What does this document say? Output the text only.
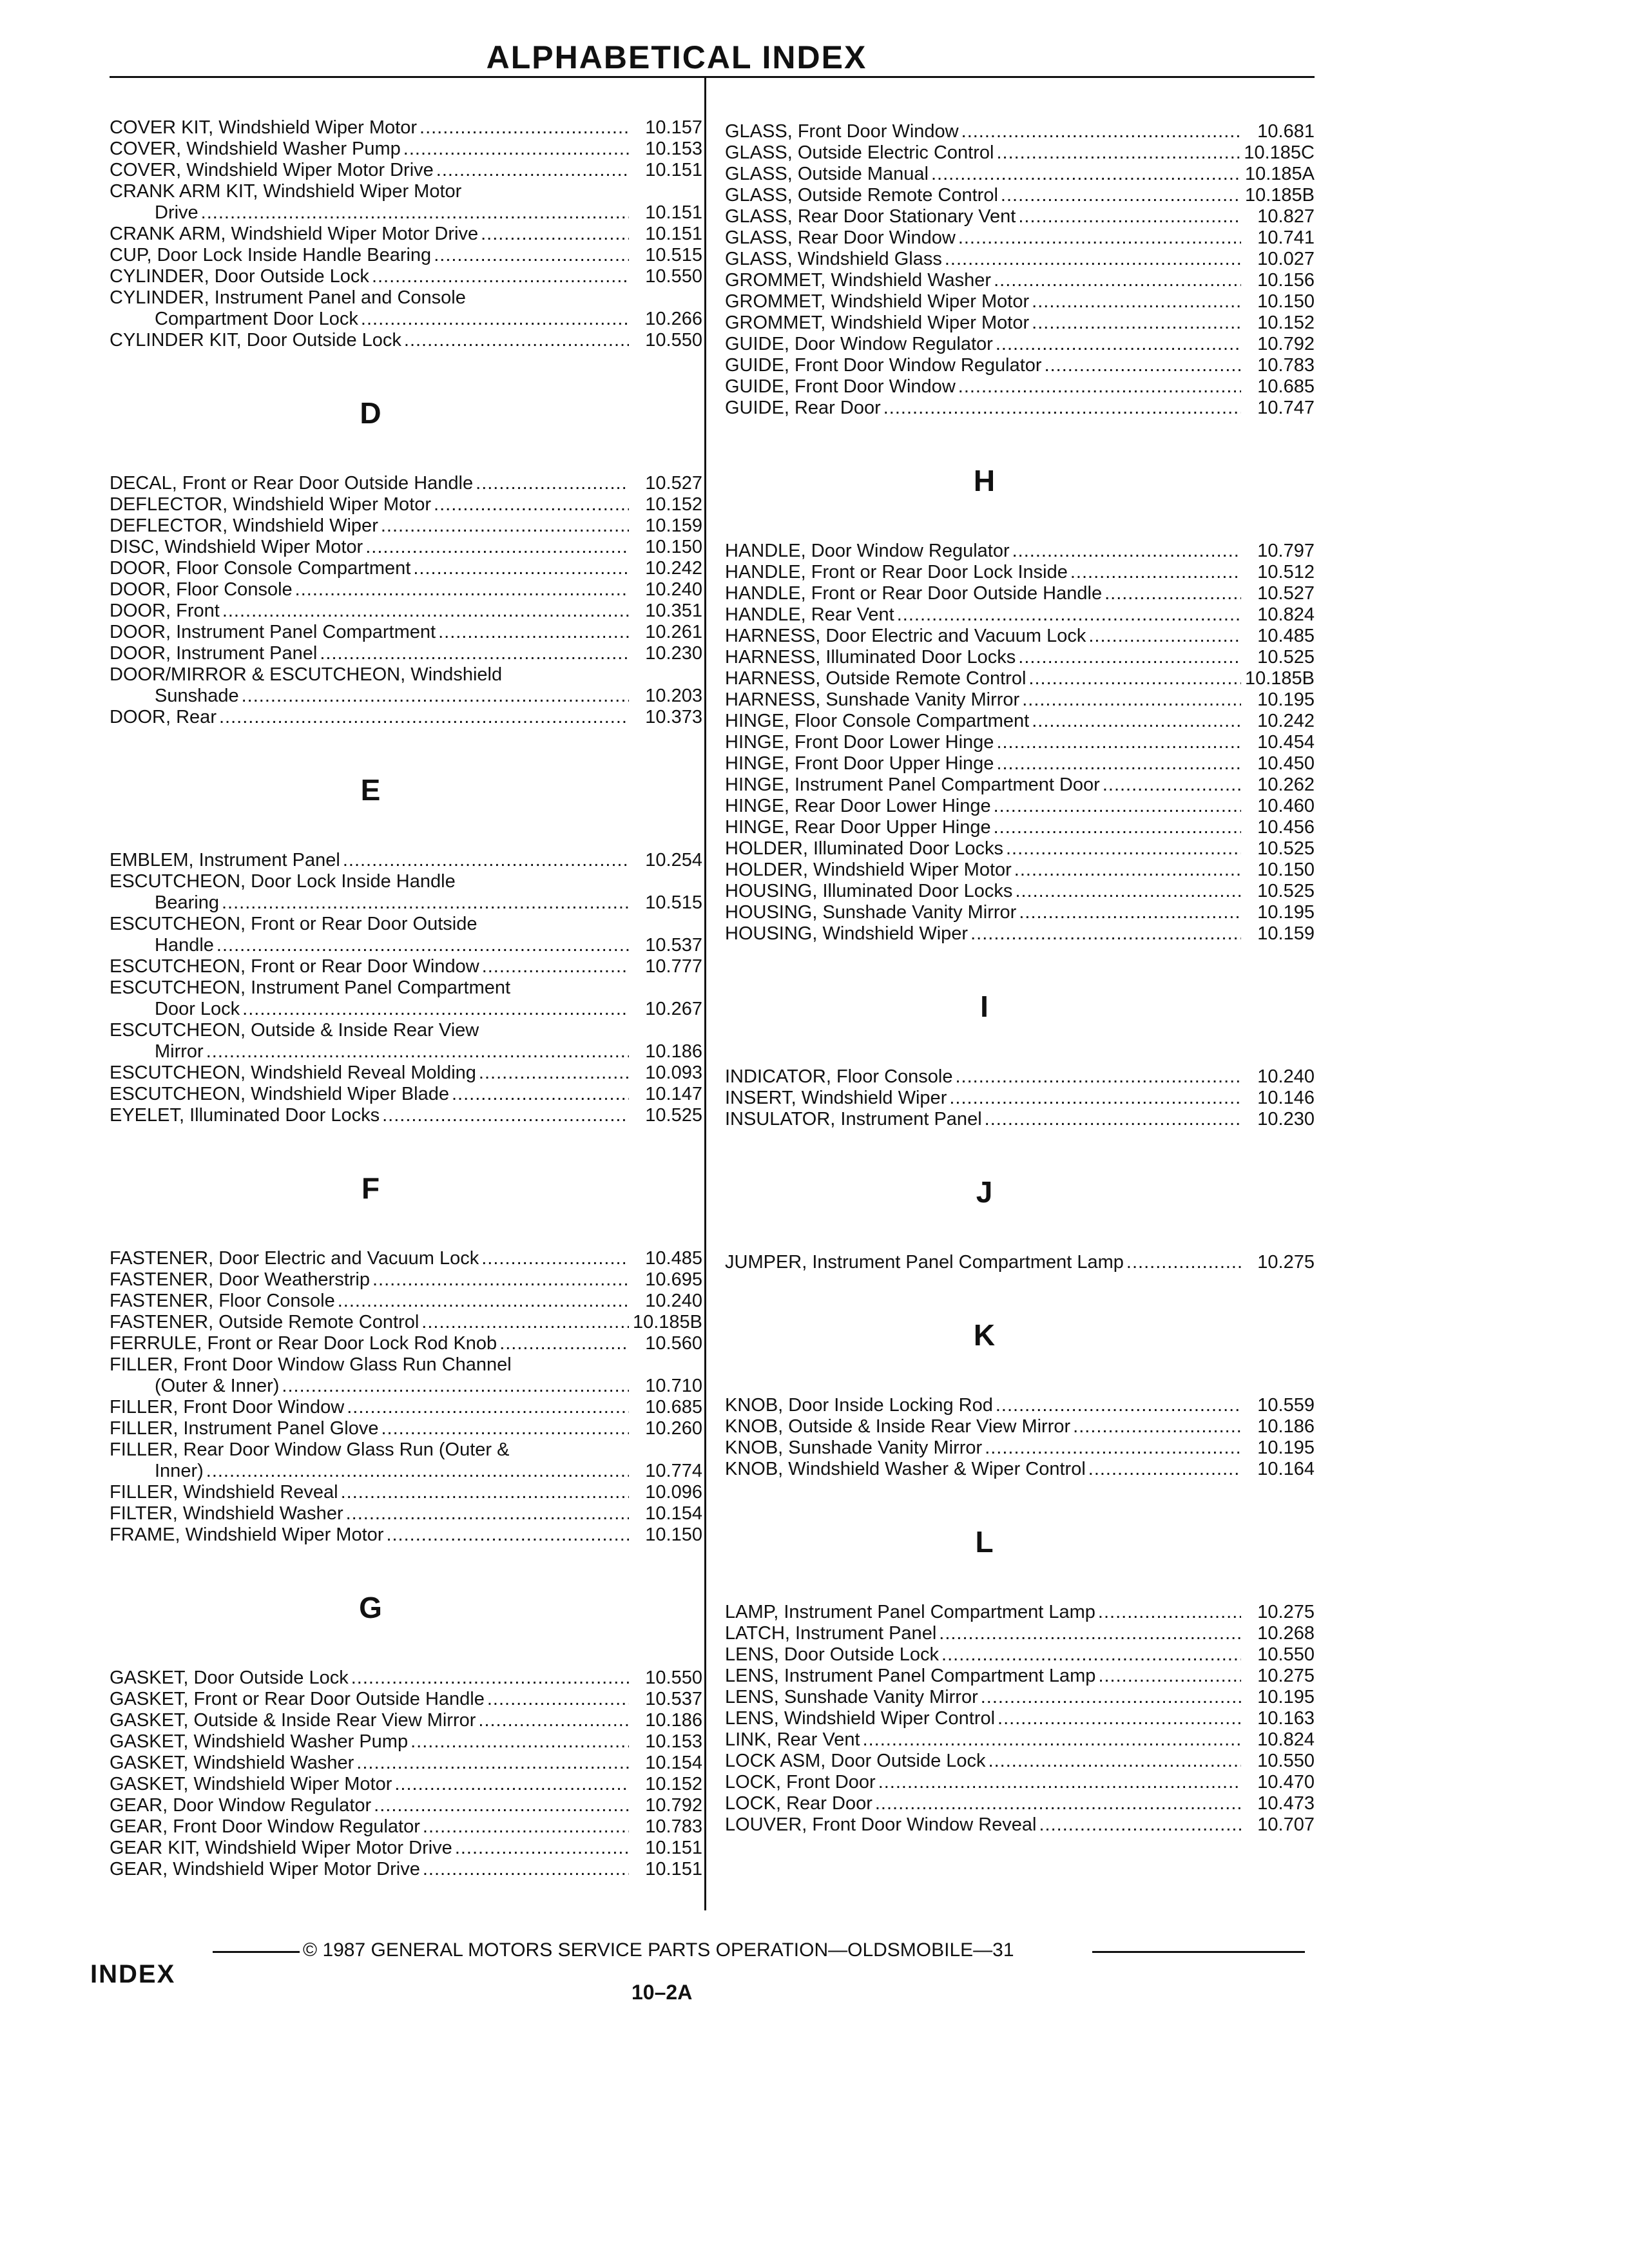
ALPHABETICAL INDEX
COVER KIT, Windshield Wiper Motor .....	10.157
COVER, Windshield Washer Pump .....	10.153
COVER, Windshield Wiper Motor Drive .....	10.151
CRANK ARM KIT, Windshield Wiper Motor
Drive .....	10.151
CRANK ARM, Windshield Wiper Motor Drive .....	10.151
CUP, Door Lock Inside Handle Bearing .....	10.515
CYLINDER, Door Outside Lock .....	10.550
CYLINDER, Instrument Panel and Console
Compartment Door Lock .....	10.266
CYLINDER KIT, Door Outside Lock .....	10.550
D
DECAL, Front or Rear Door Outside Handle .....	10.527
DEFLECTOR, Windshield Wiper Motor .....	10.152
DEFLECTOR, Windshield Wiper .....	10.159
DISC, Windshield Wiper Motor .....	10.150
DOOR, Floor Console Compartment .....	10.242
DOOR, Floor Console .....	10.240
DOOR, Front .....	10.351
DOOR, Instrument Panel Compartment .....	10.261
DOOR, Instrument Panel .....	10.230
DOOR/MIRROR & ESCUTCHEON, Windshield
Sunshade .....	10.203
DOOR, Rear .....	10.373
E
EMBLEM, Instrument Panel .....	10.254
ESCUTCHEON, Door Lock Inside Handle
Bearing .....	10.515
ESCUTCHEON, Front or Rear Door Outside
Handle .....	10.537
ESCUTCHEON, Front or Rear Door Window .....	10.777
ESCUTCHEON, Instrument Panel Compartment
Door Lock .....	10.267
ESCUTCHEON, Outside & Inside Rear View
Mirror .....	10.186
ESCUTCHEON, Windshield Reveal Molding .....	10.093
ESCUTCHEON, Windshield Wiper Blade .....	10.147
EYELET, Illuminated Door Locks .....	10.525
F
FASTENER, Door Electric and Vacuum Lock .....	10.485
FASTENER, Door Weatherstrip .....	10.695
FASTENER, Floor Console .....	10.240
FASTENER, Outside Remote Control .....	10.185B
FERRULE, Front or Rear Door Lock Rod Knob .....	10.560
FILLER, Front Door Window Glass Run Channel
(Outer & Inner) .....	10.710
FILLER, Front Door Window .....	10.685
FILLER, Instrument Panel Glove .....	10.260
FILLER, Rear Door Window Glass Run (Outer &
Inner) .....	10.774
FILLER, Windshield Reveal .....	10.096
FILTER, Windshield Washer .....	10.154
FRAME, Windshield Wiper Motor .....	10.150
G
GASKET, Door Outside Lock .....	10.550
GASKET, Front or Rear Door Outside Handle .....	10.537
GASKET, Outside & Inside Rear View Mirror .....	10.186
GASKET, Windshield Washer Pump .....	10.153
GASKET, Windshield Washer .....	10.154
GASKET, Windshield Wiper Motor .....	10.152
GEAR, Door Window Regulator .....	10.792
GEAR, Front Door Window Regulator .....	10.783
GEAR KIT, Windshield Wiper Motor Drive .....	10.151
GEAR, Windshield Wiper Motor Drive .....	10.151
GLASS, Front Door Window .....	10.681
GLASS, Outside Electric Control .....	10.185C
GLASS, Outside Manual .....	10.185A
GLASS, Outside Remote Control .....	10.185B
GLASS, Rear Door Stationary Vent .....	10.827
GLASS, Rear Door Window .....	10.741
GLASS, Windshield Glass .....	10.027
GROMMET, Windshield Washer .....	10.156
GROMMET, Windshield Wiper Motor .....	10.150
GROMMET, Windshield Wiper Motor .....	10.152
GUIDE, Door Window Regulator .....	10.792
GUIDE, Front Door Window Regulator .....	10.783
GUIDE, Front Door Window .....	10.685
GUIDE, Rear Door .....	10.747
H
HANDLE, Door Window Regulator .....	10.797
HANDLE, Front or Rear Door Lock Inside .....	10.512
HANDLE, Front or Rear Door Outside Handle .....	10.527
HANDLE, Rear Vent .....	10.824
HARNESS, Door Electric and Vacuum Lock .....	10.485
HARNESS, Illuminated Door Locks .....	10.525
HARNESS, Outside Remote Control .....	10.185B
HARNESS, Sunshade Vanity Mirror .....	10.195
HINGE, Floor Console Compartment .....	10.242
HINGE, Front Door Lower Hinge .....	10.454
HINGE, Front Door Upper Hinge .....	10.450
HINGE, Instrument Panel Compartment Door .....	10.262
HINGE, Rear Door Lower Hinge .....	10.460
HINGE, Rear Door Upper Hinge .....	10.456
HOLDER, Illuminated Door Locks .....	10.525
HOLDER, Windshield Wiper Motor .....	10.150
HOUSING, Illuminated Door Locks .....	10.525
HOUSING, Sunshade Vanity Mirror .....	10.195
HOUSING, Windshield Wiper .....	10.159
I
INDICATOR, Floor Console .....	10.240
INSERT, Windshield Wiper .....	10.146
INSULATOR, Instrument Panel .....	10.230
J
JUMPER, Instrument Panel Compartment Lamp .....	10.275
K
KNOB, Door Inside Locking Rod .....	10.559
KNOB, Outside & Inside Rear View Mirror .....	10.186
KNOB, Sunshade Vanity Mirror .....	10.195
KNOB, Windshield Washer & Wiper Control .....	10.164
L
LAMP, Instrument Panel Compartment Lamp .....	10.275
LATCH, Instrument Panel .....	10.268
LENS, Door Outside Lock .....	10.550
LENS, Instrument Panel Compartment Lamp .....	10.275
LENS, Sunshade Vanity Mirror .....	10.195
LENS, Windshield Wiper Control .....	10.163
LINK, Rear Vent .....	10.824
LOCK ASM, Door Outside Lock .....	10.550
LOCK, Front Door .....	10.470
LOCK, Rear Door .....	10.473
LOUVER, Front Door Window Reveal .....	10.707
© 1987 GENERAL MOTORS SERVICE PARTS OPERATION—OLDSMOBILE—31
INDEX
10–2A
